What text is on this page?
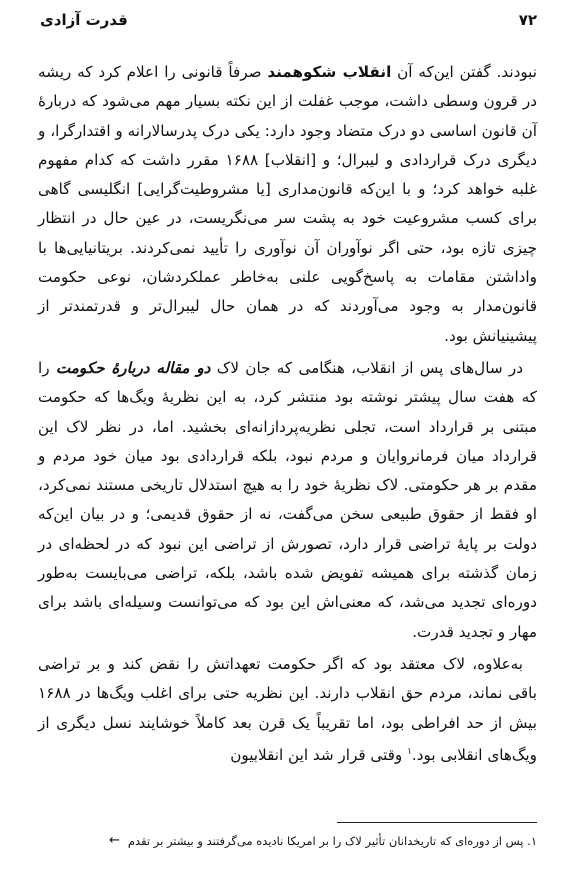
۷۲
قدرت آزادی

نبودند. گفتن این‌که آن انقلاب شکوهمند صرفاً قانونی را اعلام کرد که ریشه در قرون وسطی داشت، موجب غفلت از این نکته بسیار مهم می‌شود که دربارهٔ آن قانون اساسی دو درک متضاد وجود دارد: یکی درک پدرسالارانه و اقتدارگرا، و دیگری درک قراردادی و لیبرال؛ و [انقلاب] ۱۶۸۸ مقرر داشت که کدام مفهوم غلبه خواهد کرد؛ و با این‌که قانون‌مداری [یا مشروطیت‌گرایی] انگلیسی گاهی برای کسب مشروعیت خود به پشت سر می‌نگریست، در عین حال در انتظار چیزی تازه بود، حتی اگر نوآوران آن نوآوری را تأیید نمی‌کردند. بریتانیایی‌ها با واداشتن مقامات به پاسخ‌گویی علنی به‌خاطر عملکردشان، نوعی حکومت قانون‌مدار به وجود می‌آوردند که در همان حال لیبرال‌تر و قدرتمندتر از پیشینیانش بود.

در سال‌های پس از انقلاب، هنگامی که جان لاک دو مقاله دربارهٔ حکومت را که هفت سال پیشتر نوشته بود منتشر کرد، به این نظریهٔ ویگ‌ها که حکومت مبتنی بر قرارداد است، تجلی نظریه‌پردازانه‌ای بخشید. اما، در نظر لاک این قرارداد میان فرمانروایان و مردم نبود، بلکه قراردادی بود میان خود مردم و مقدم بر هر حکومتی. لاک نظریهٔ خود را به هیچ استدلال تاریخی مستند نمی‌کرد، او فقط از حقوق طبیعی سخن می‌گفت، نه از حقوق قدیمی؛ و در بیان این‌که دولت بر پایهٔ تراضی قرار دارد، تصورش از تراضی این نبود که در لحظه‌ای در زمان گذشته برای همیشه تفویض شده باشد، بلکه، تراضی می‌بایست به‌طور دوره‌ای تجدید می‌شد، که معنی‌اش این بود که می‌توانست وسیله‌ای باشد برای مهار و تجدید قدرت.

به‌علاوه، لاک معتقد بود که اگر حکومت تعهداتش را نقض کند و بر تراضی باقی نماند، مردم حق انقلاب دارند. این نظریه حتی برای اغلب ویگ‌ها در ۱۶۸۸ بیش از حد افراطی بود، اما تقریباً یک قرن بعد کاملاً خوشایند نسل دیگری از ویگ‌های انقلابی بود.$^۱$ وقتی قرار شد این انقلابیون

۱. پس از دوره‌ای که تاریخدانان تأثیر لاک را بر امریکا نادیده می‌گرفتند و بیشتر بر تقدم
←
